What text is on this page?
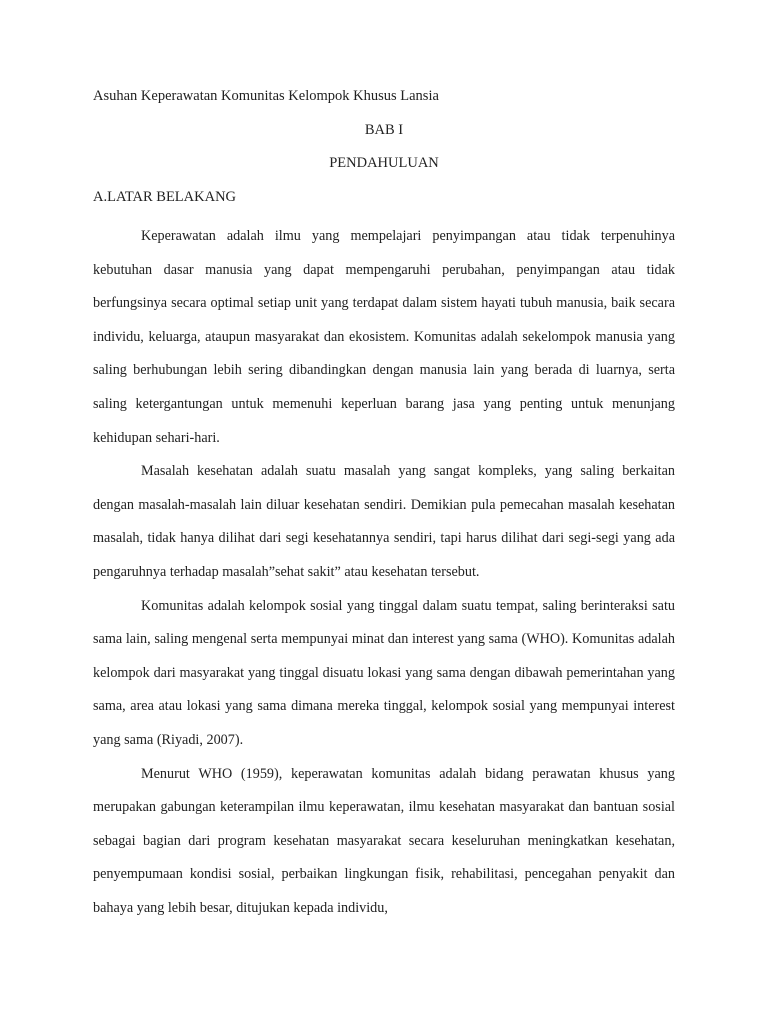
Asuhan Keperawatan Komunitas Kelompok Khusus Lansia
BAB I
PENDAHULUAN
A.LATAR BELAKANG

Keperawatan adalah ilmu yang mempelajari penyimpangan atau tidak terpenuhinya kebutuhan dasar manusia yang dapat mempengaruhi perubahan, penyimpangan atau tidak berfungsinya secara optimal setiap unit yang terdapat dalam sistem hayati tubuh manusia, baik secara individu, keluarga, ataupun masyarakat dan ekosistem. Komunitas adalah sekelompok manusia yang saling berhubungan lebih sering dibandingkan dengan manusia lain yang berada di luarnya, serta saling ketergantungan untuk memenuhi keperluan barang jasa yang penting untuk menunjang kehidupan sehari-hari.

Masalah kesehatan adalah suatu masalah yang sangat kompleks, yang saling berkaitan dengan masalah-masalah lain diluar kesehatan sendiri. Demikian pula pemecahan masalah kesehatan masalah, tidak hanya dilihat dari segi kesehatannya sendiri, tapi harus dilihat dari segi-segi yang ada pengaruhnya terhadap masalah”sehat sakit” atau kesehatan tersebut.

Komunitas adalah kelompok sosial yang tinggal dalam suatu tempat, saling berinteraksi satu sama lain, saling mengenal serta mempunyai minat dan interest yang sama (WHO). Komunitas adalah kelompok dari masyarakat yang tinggal disuatu lokasi yang sama dengan dibawah pemerintahan yang sama, area atau lokasi yang sama dimana mereka tinggal, kelompok sosial yang mempunyai interest yang sama (Riyadi, 2007).

Menurut WHO (1959), keperawatan komunitas adalah bidang perawatan khusus yang merupakan gabungan keterampilan ilmu keperawatan, ilmu kesehatan masyarakat dan bantuan sosial sebagai bagian dari program kesehatan masyarakat secara keseluruhan meningkatkan kesehatan, penyempumaan kondisi sosial, perbaikan lingkungan fisik, rehabilitasi, pencegahan penyakit dan bahaya yang lebih besar, ditujukan kepada individu,
